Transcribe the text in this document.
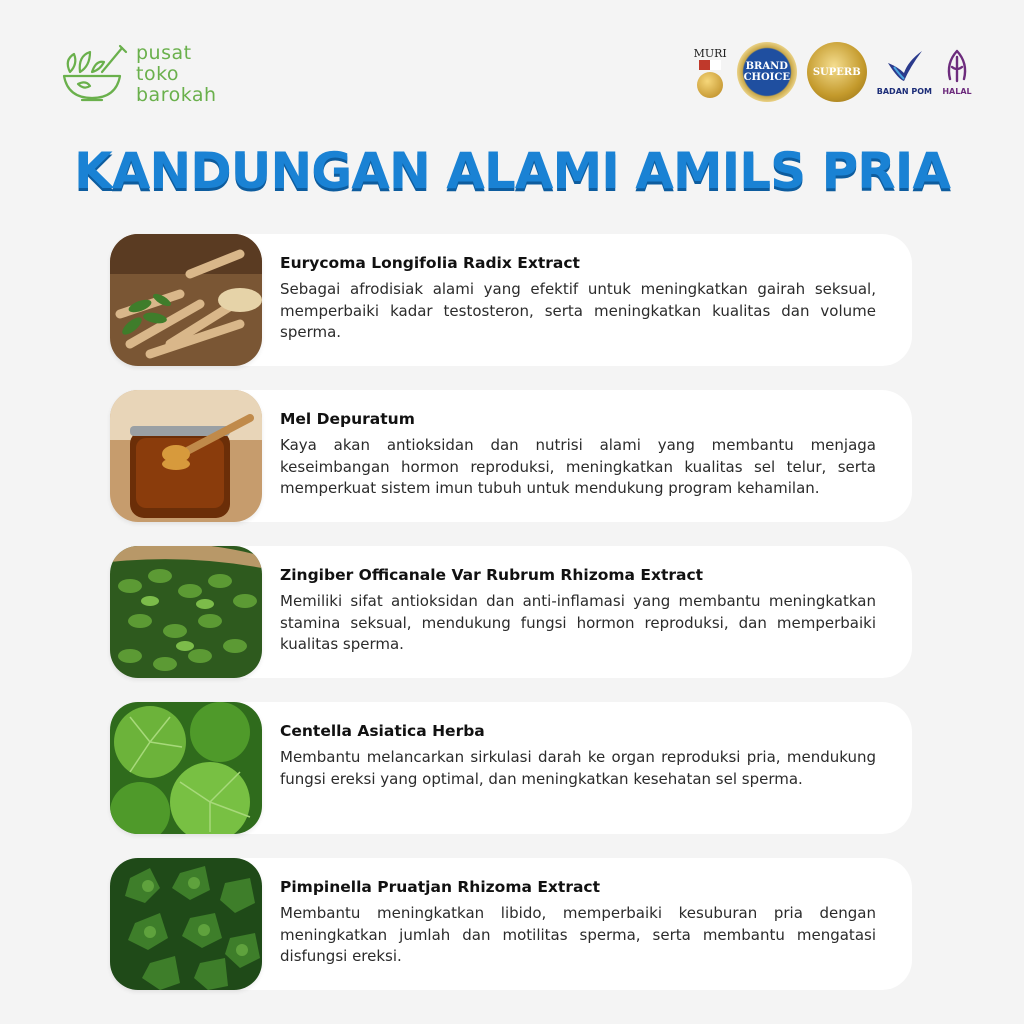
pusat
toko
barokah
MURI
BRAND CHOICE	SUPERB
BADAN POM HALAL
KANDUNGAN ALAMI AMILS PRIA
Eurycoma Longifolia Radix Extract
Sebagai afrodisiak alami yang efektif untuk meningkatkan gairah seksual, memperbaiki kadar testosteron, serta meningkatkan kualitas dan volume sperma.
Mel Depuratum
Kaya akan antioksidan dan nutrisi alami yang membantu menjaga keseimbangan hormon reproduksi, meningkatkan kualitas sel telur, serta memperkuat sistem imun tubuh untuk mendukung program kehamilan.
Zingiber Officanale Var Rubrum Rhizoma Extract
Memiliki sifat antioksidan dan anti-inflamasi yang membantu meningkatkan stamina seksual, mendukung fungsi hormon reproduksi, dan memperbaiki kualitas sperma.
Centella Asiatica Herba
Membantu melancarkan sirkulasi darah ke organ reproduksi pria, mendukung fungsi ereksi yang optimal, dan meningkatkan kesehatan sel sperma.
Pimpinella Pruatjan Rhizoma Extract
Membantu meningkatkan libido, memperbaiki kesuburan pria dengan meningkatkan jumlah dan motilitas sperma, serta membantu mengatasi disfungsi ereksi.
